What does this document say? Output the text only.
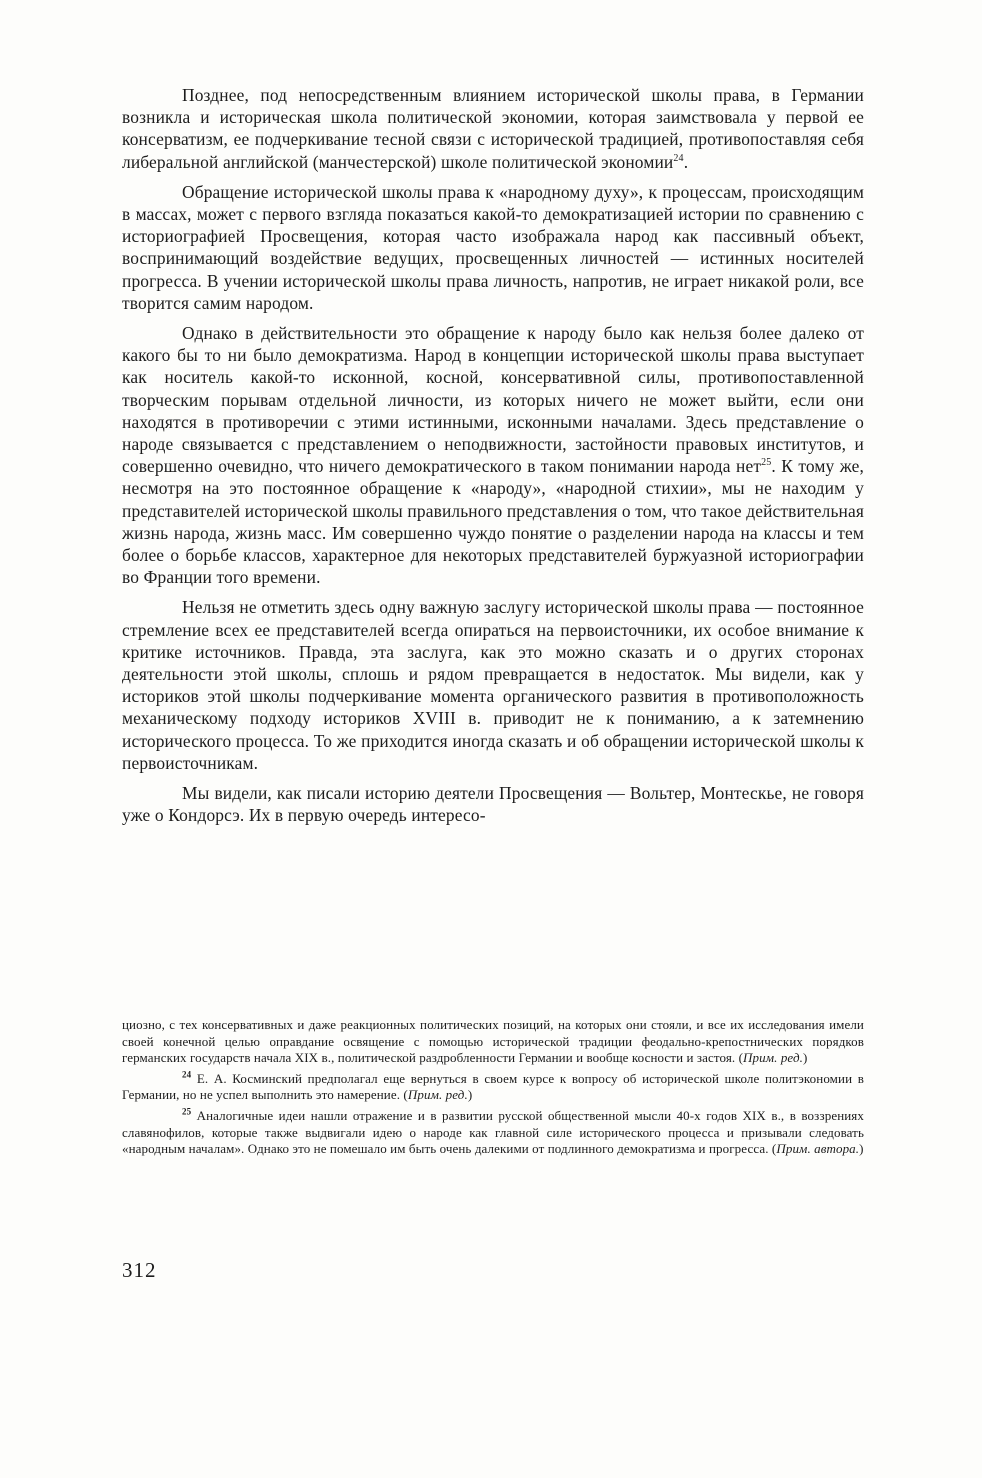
Позднее, под непосредственным влиянием исторической школы права, в Германии возникла и историческая школа политической экономии, которая заимствовала у первой ее консерватизм, ее подчеркивание тесной связи с исторической традицией, противопоставляя себя либеральной английской (манчестерской) школе политической экономии$^{24}$.

Обращение исторической школы права к «народному духу», к процессам, происходящим в массах, может с первого взгляда показаться какой-то демократизацией истории по сравнению с историографией Просвещения, которая часто изображала народ как пассивный объект, воспринимающий воздействие ведущих, просвещенных личностей — истинных носителей прогресса. В учении исторической школы права личность, напротив, не играет никакой роли, все творится самим народом.

Однако в действительности это обращение к народу было как нельзя более далеко от какого бы то ни было демократизма. Народ в концепции исторической школы права выступает как носитель какой-то исконной, косной, консервативной силы, противопоставленной творческим порывам отдельной личности, из которых ничего не может выйти, если они находятся в противоречии с этими истинными, исконными началами. Здесь представление о народе связывается с представлением о неподвижности, застойности правовых институтов, и совершенно очевидно, что ничего демократического в таком понимании народа нет$^{25}$. К тому же, несмотря на это постоянное обращение к «народу», «народной стихии», мы не находим у представителей исторической школы правильного представления о том, что такое действительная жизнь народа, жизнь масс. Им совершенно чуждо понятие о разделении народа на классы и тем более о борьбе классов, характерное для некоторых представителей буржуазной историографии во Франции того времени.

Нельзя не отметить здесь одну важную заслугу исторической школы права — постоянное стремление всех ее представителей всегда опираться на первоисточники, их особое внимание к критике источников. Правда, эта заслуга, как это можно сказать и о других сторонах деятельности этой школы, сплошь и рядом превращается в недостаток. Мы видели, как у историков этой школы подчеркивание момента органического развития в противоположность механическому подходу историков XVIII в. приводит не к пониманию, а к затемнению исторического процесса. То же приходится иногда сказать и об обращении исторической школы к первоисточникам.

Мы видели, как писали историю деятели Просвещения — Вольтер, Монтескье, не говоря уже о Кондорсэ. Их в первую очередь интересо-

циозно, с тех консервативных и даже реакционных политических позиций, на которых они стояли, и все их исследования имели своей конечной целью оправдание освящение с помощью исторической традиции феодально-крепостнических порядков германских государств начала XIX в., политической раздробленности Германии и вообще косности и застоя. (Прим. ред.)

$^{24}$ Е. А. Косминский предполагал еще вернуться в своем курсе к вопросу об исторической школе политэкономии в Германии, но не успел выполнить это намерение. (Прим. ред.)

$^{25}$ Аналогичные идеи нашли отражение и в развитии русской общественной мысли 40-х годов XIX в., в воззрениях славянофилов, которые также выдвигали идею о народе как главной силе исторического процесса и призывали следовать «народным началам». Однако это не помешало им быть очень далекими от подлинного демократизма и прогресса. (Прим. автора.)

312
